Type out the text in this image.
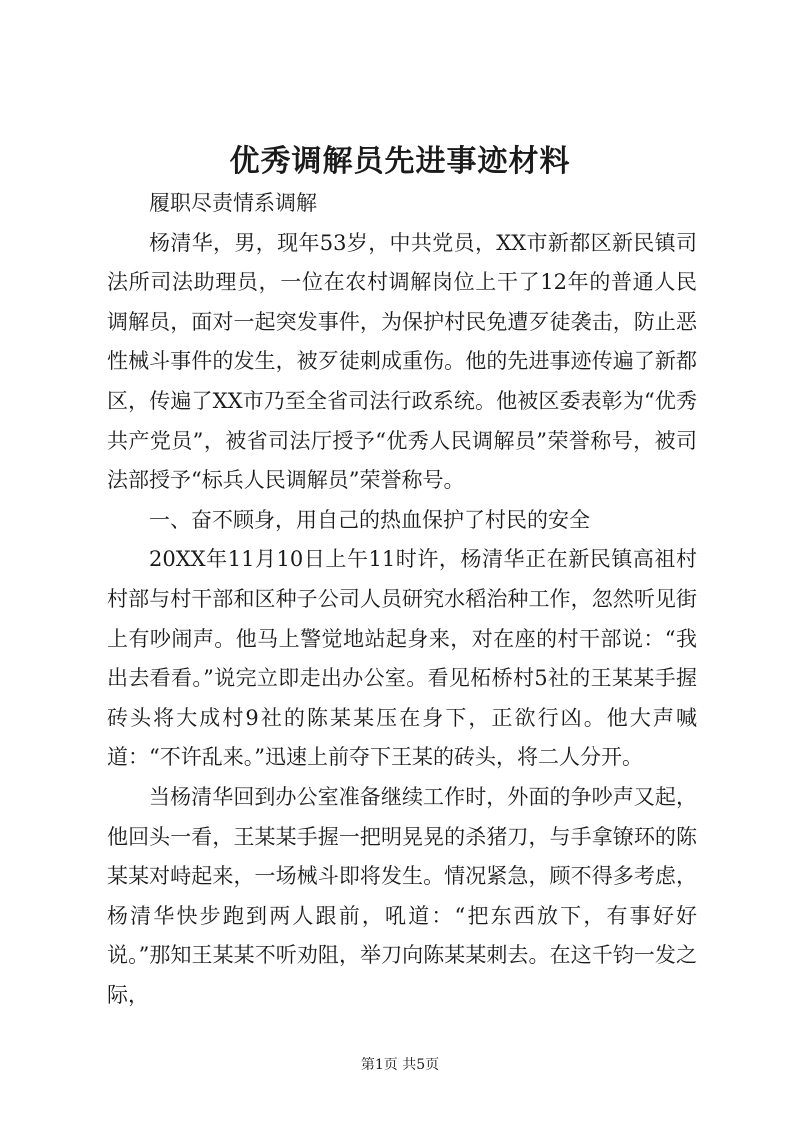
优秀调解员先进事迹材料

履职尽责情系调解

杨清华，男，现年53岁，中共党员，XX市新都区新民镇司法所司法助理员，一位在农村调解岗位上干了12年的普通人民调解员，面对一起突发事件，为保护村民免遭歹徒袭击，防止恶性械斗事件的发生，被歹徒刺成重伤。他的先进事迹传遍了新都区，传遍了XX市乃至全省司法行政系统。他被区委表彰为“优秀共产党员”，被省司法厅授予“优秀人民调解员”荣誉称号，被司法部授予“标兵人民调解员”荣誉称号。

一、奋不顾身，用自己的热血保护了村民的安全

20XX年11月10日上午11时许，杨清华正在新民镇高祖村村部与村干部和区种子公司人员研究水稻治种工作，忽然听见街上有吵闹声。他马上警觉地站起身来，对在座的村干部说：“我出去看看。”说完立即走出办公室。看见柘桥村5社的王某某手握砖头将大成村9社的陈某某压在身下，正欲行凶。他大声喊道：“不许乱来。”迅速上前夺下王某的砖头，将二人分开。

当杨清华回到办公室准备继续工作时，外面的争吵声又起，他回头一看，王某某手握一把明晃晃的杀猪刀，与手拿镣环的陈某某对峙起来，一场械斗即将发生。情况紧急，顾不得多考虑，杨清华快步跑到两人跟前，吼道：“把东西放下，有事好好说。”那知王某某不听劝阻，举刀向陈某某刺去。在这千钧一发之际，

第1页 共5页
